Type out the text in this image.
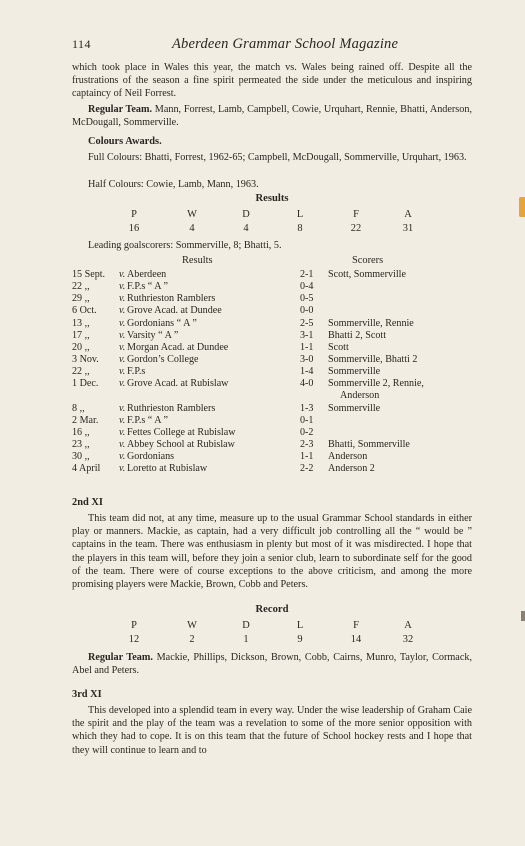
114	Aberdeen Grammar School Magazine

which took place in Wales this year, the match vs. Wales being rained off. Despite all the frustrations of the season a fine spirit permeated the side under the meticulous and inspiring captaincy of Neil Forrest.

Regular Team. Mann, Forrest, Lamb, Campbell, Cowie, Urquhart, Rennie, Bhatti, Anderson, McDougall, Sommerville.

Colours Awards.

Full Colours: Bhatti, Forrest, 1962-65; Campbell, McDougall, Sommerville, Urquhart, 1963.

Half Colours: Cowie, Lamb, Mann, 1963.

Results
P	W	D	L	F	A
16	4	4	8	22	31

Leading goalscorers: Sommerville, 8; Bhatti, 5.

Results	Scorers
15 Sept. v. Aberdeen	2-1 Scott, Sommerville
22 ,,	v. F.P.s “ A ”	0-4
29 ,,	v. Ruthrieston Ramblers	0-5
6 Oct. v. Grove Acad. at Dundee	0-0
13 ,,	v. Gordonians “ A ”	2-5 Sommerville, Rennie
17 ,,	v. Varsity “ A ”	3-1 Bhatti 2, Scott
20 ,,	v. Morgan Acad. at Dundee	1-1 Scott
3 Nov. v. Gordon’s College	3-0 Sommerville, Bhatti 2
22 ,,	v. F.P.s	1-4 Sommerville
1 Dec. v. Grove Acad. at Rubislaw	4-0 Sommerville 2, Rennie,
Anderson
8 ,,	v. Ruthrieston Ramblers	1-3 Sommerville
2 Mar. v. F.P.s “ A ”	0-1
16 ,,	v. Fettes College at Rubislaw	0-2
23 ,,	v. Abbey School at Rubislaw	2-3 Bhatti, Sommerville
30 ,,	v. Gordonians	1-1 Anderson
4 April v. Loretto at Rubislaw	2-2 Anderson 2
2nd XI

This team did not, at any time, measure up to the usual Grammar School standards in either play or manners. Mackie, as captain, had a very difficult job controlling all the “ would be ” captains in the team. There was enthusiasm in plenty but most of it was misdirected. I hope that the players in this team will, before they join a senior club, learn to subordinate self for the good of the team. There were of course exceptions to the above criticism, and among the more promising players were Mackie, Brown, Cobb and Peters.

Record
P	W	D	L	F	A
12	2	1	9	14	32

Regular Team. Mackie, Phillips, Dickson, Brown, Cobb, Cairns, Munro, Taylor, Cormack, Abel and Peters.

3rd XI

This developed into a splendid team in every way. Under the wise leadership of Graham Caie the spirit and the play of the team was a revelation to some of the more senior opposition with which they had to cope. It is on this team that the future of School hockey rests and I hope that they will continue to learn and to
